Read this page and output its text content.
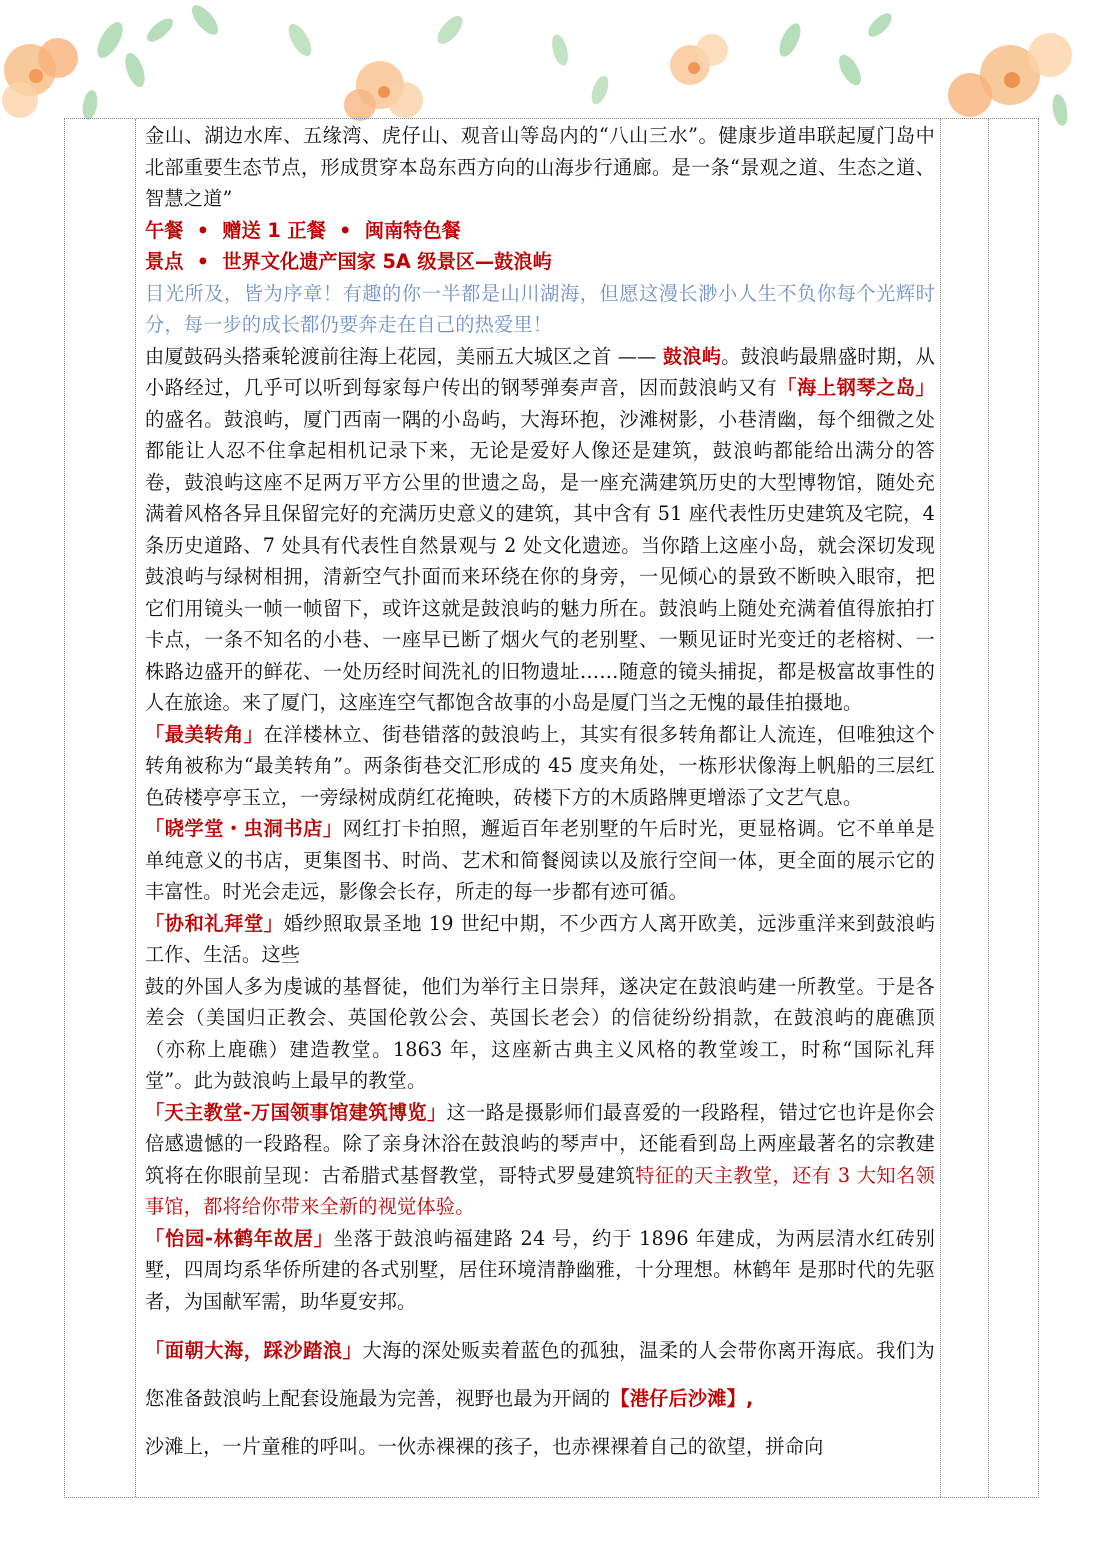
金山、湖边水库、五缘湾、虎仔山、观音山等岛内的“八山三水”。健康步道串联起厦门岛中北部重要生态节点，形成贯穿本岛东西方向的山海步行通廊。是一条“景观之道、生态之道、智慧之道”

午餐  •  赠送 1 正餐  •  闽南特色餐

景点  •  世界文化遗产国家 5A 级景区—鼓浪屿

目光所及，皆为序章！有趣的你一半都是山川湖海，但愿这漫长渺小人生不负你每个光辉时分，每一步的成长都仍要奔走在自己的热爱里！

由厦鼓码头搭乘轮渡前往海上花园，美丽五大城区之首 —— 鼓浪屿。鼓浪屿最鼎盛时期，从小路经过，几乎可以听到每家每户传出的钢琴弹奏声音，因而鼓浪屿又有「海上钢琴之岛」的盛名。鼓浪屿，厦门西南一隅的小岛屿，大海环抱，沙滩树影，小巷清幽，每个细微之处都能让人忍不住拿起相机记录下来，无论是爱好人像还是建筑，鼓浪屿都能给出满分的答卷，鼓浪屿这座不足两万平方公里的世遗之岛，是一座充满建筑历史的大型博物馆，随处充满着风格各异且保留完好的充满历史意义的建筑，其中含有 51 座代表性历史建筑及宅院，4 条历史道路、7 处具有代表性自然景观与 2 处文化遗迹。当你踏上这座小岛，就会深切发现鼓浪屿与绿树相拥，清新空气扑面而来环绕在你的身旁，一见倾心的景致不断映入眼帘，把它们用镜头一帧一帧留下，或许这就是鼓浪屿的魅力所在。鼓浪屿上随处充满着值得旅拍打卡点，一条不知名的小巷、一座早已断了烟火气的老别墅、一颗见证时光变迁的老榕树、一株路边盛开的鲜花、一处历经时间洗礼的旧物遗址……随意的镜头捕捉，都是极富故事性的人在旅途。来了厦门，这座连空气都饱含故事的小岛是厦门当之无愧的最佳拍摄地。

「最美转角」在洋楼林立、街巷错落的鼓浪屿上，其实有很多转角都让人流连，但唯独这个转角被称为“最美转角”。两条街巷交汇形成的 45 度夹角处，一栋形状像海上帆船的三层红色砖楼亭亭玉立，一旁绿树成荫红花掩映，砖楼下方的木质路牌更增添了文艺气息。

「晓学堂・虫洞书店」网红打卡拍照，邂逅百年老别墅的午后时光，更显格调。它不单单是单纯意义的书店，更集图书、时尚、艺术和简餐阅读以及旅行空间一体，更全面的展示它的丰富性。时光会走远，影像会长存，所走的每一步都有迹可循。

「协和礼拜堂」婚纱照取景圣地 19 世纪中期，不少西方人离开欧美，远涉重洋来到鼓浪屿工作、生活。这些

鼓的外国人多为虔诚的基督徒，他们为举行主日崇拜，遂决定在鼓浪屿建一所教堂。于是各差会（美国归正教会、英国伦敦公会、英国长老会）的信徒纷纷捐款，在鼓浪屿的鹿礁顶（亦称上鹿礁）建造教堂。1863 年，这座新古典主义风格的教堂竣工，时称“国际礼拜堂”。此为鼓浪屿上最早的教堂。

「天主教堂-万国领事馆建筑博览」这一路是摄影师们最喜爱的一段路程，错过它也许是你会倍感遗憾的一段路程。除了亲身沐浴在鼓浪屿的琴声中，还能看到岛上两座最著名的宗教建筑将在你眼前呈现：古希腊式基督教堂，哥特式罗曼建筑特征的天主教堂，还有 3 大知名领事馆，都将给你带来全新的视觉体验。

「怡园-林鹤年故居」坐落于鼓浪屿福建路 24 号，约于 1896 年建成，为两层清水红砖别墅，四周均系华侨所建的各式别墅，居住环境清静幽雅，十分理想。林鹤年 是那时代的先驱者，为国献军需，助华夏安邦。

「面朝大海，踩沙踏浪」大海的深处贩卖着蓝色的孤独，温柔的人会带你离开海底。我们为您准备鼓浪屿上配套设施最为完善，视野也最为开阔的【港仔后沙滩】,

沙滩上，一片童稚的呼叫。一伙赤裸裸的孩子，也赤裸裸着自己的欲望，拼命向
